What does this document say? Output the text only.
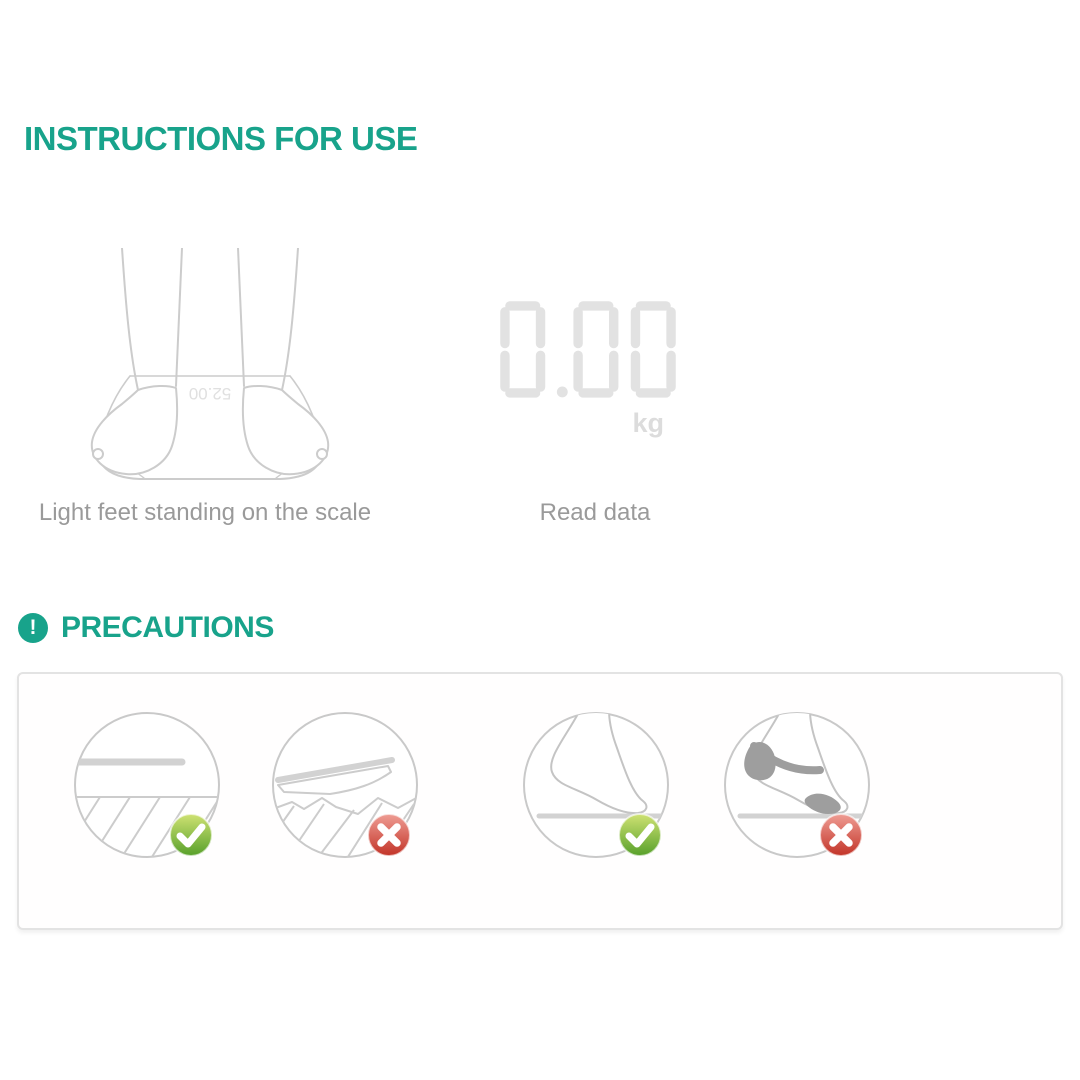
INSTRUCTIONS FOR USE
52.00
kg
Light feet standing on the scale	Read data
! PRECAUTIONS
